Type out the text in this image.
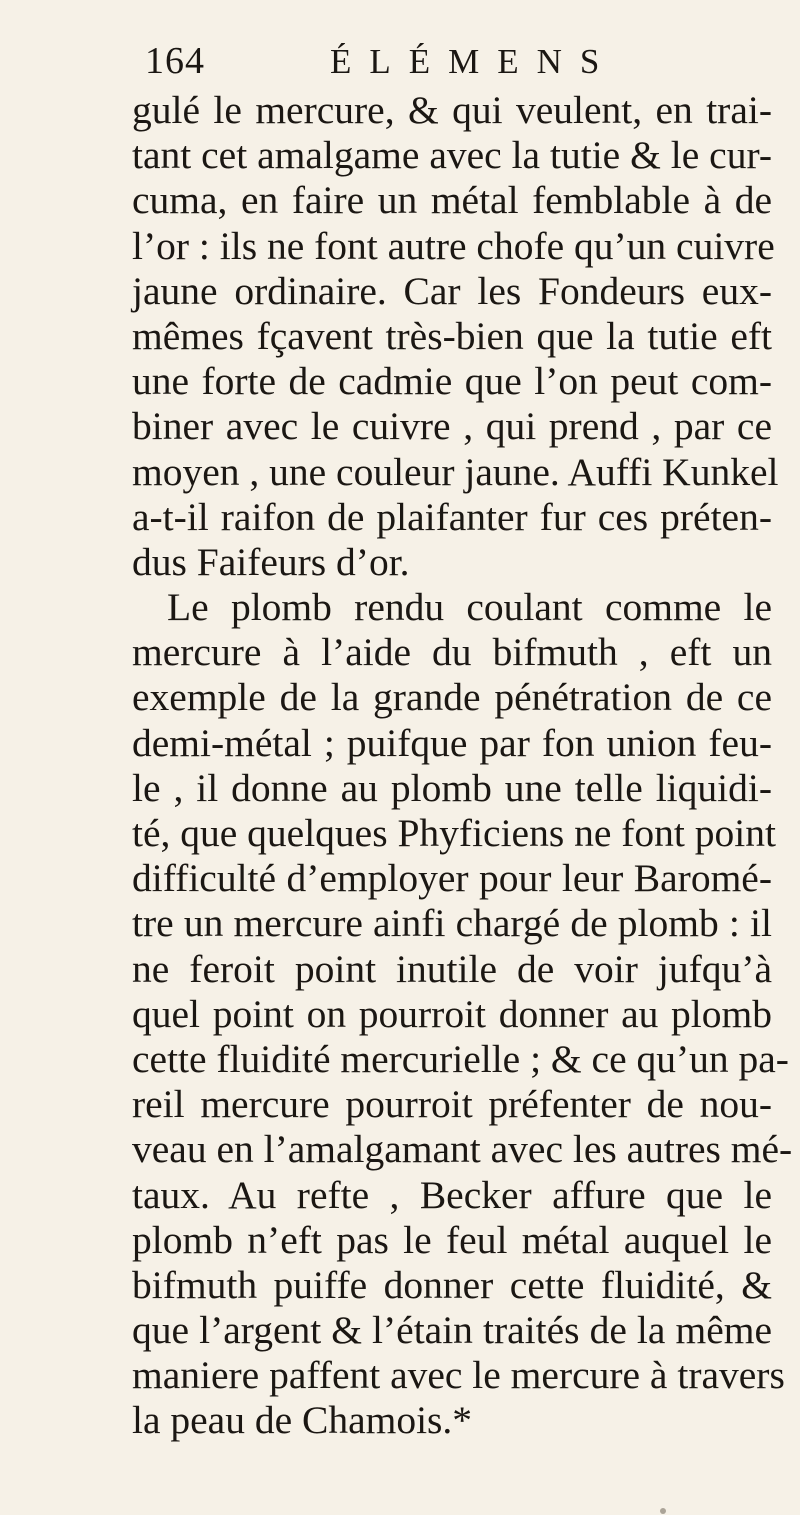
164	ÉLÉMENS
gulé le mercure, & qui veulent, en trai-
tant cet amalgame avec la tutie & le cur-
cuma, en faire un métal femblable à de
l’or : ils ne font autre chofe qu’un cuivre
jaune ordinaire. Car les Fondeurs eux-
mêmes fçavent très-bien que la tutie eft
une forte de cadmie que l’on peut com-
biner avec le cuivre , qui prend , par ce
moyen , une couleur jaune. Auffi Kunkel
a-t-il raifon de plaifanter fur ces préten-
dus Faifeurs d’or.
Le plomb rendu coulant comme le
mercure à l’aide du bifmuth , eft un
exemple de la grande pénétration de ce
demi-métal ; puifque par fon union feu-
le , il donne au plomb une telle liquidi-
té, que quelques Phyficiens ne font point
difficulté d’employer pour leur Baromé-
tre un mercure ainfi chargé de plomb : il
ne feroit point inutile de voir jufqu’à
quel point on pourroit donner au plomb
cette fluidité mercurielle ; & ce qu’un pa-
reil mercure pourroit préfenter de nou-
veau en l’amalgamant avec les autres mé-
taux. Au refte , Becker affure que le
plomb n’eft pas le feul métal auquel le
bifmuth puiffe donner cette fluidité, &
que l’argent & l’étain traités de la même
maniere paffent avec le mercure à travers
la peau de Chamois.*
